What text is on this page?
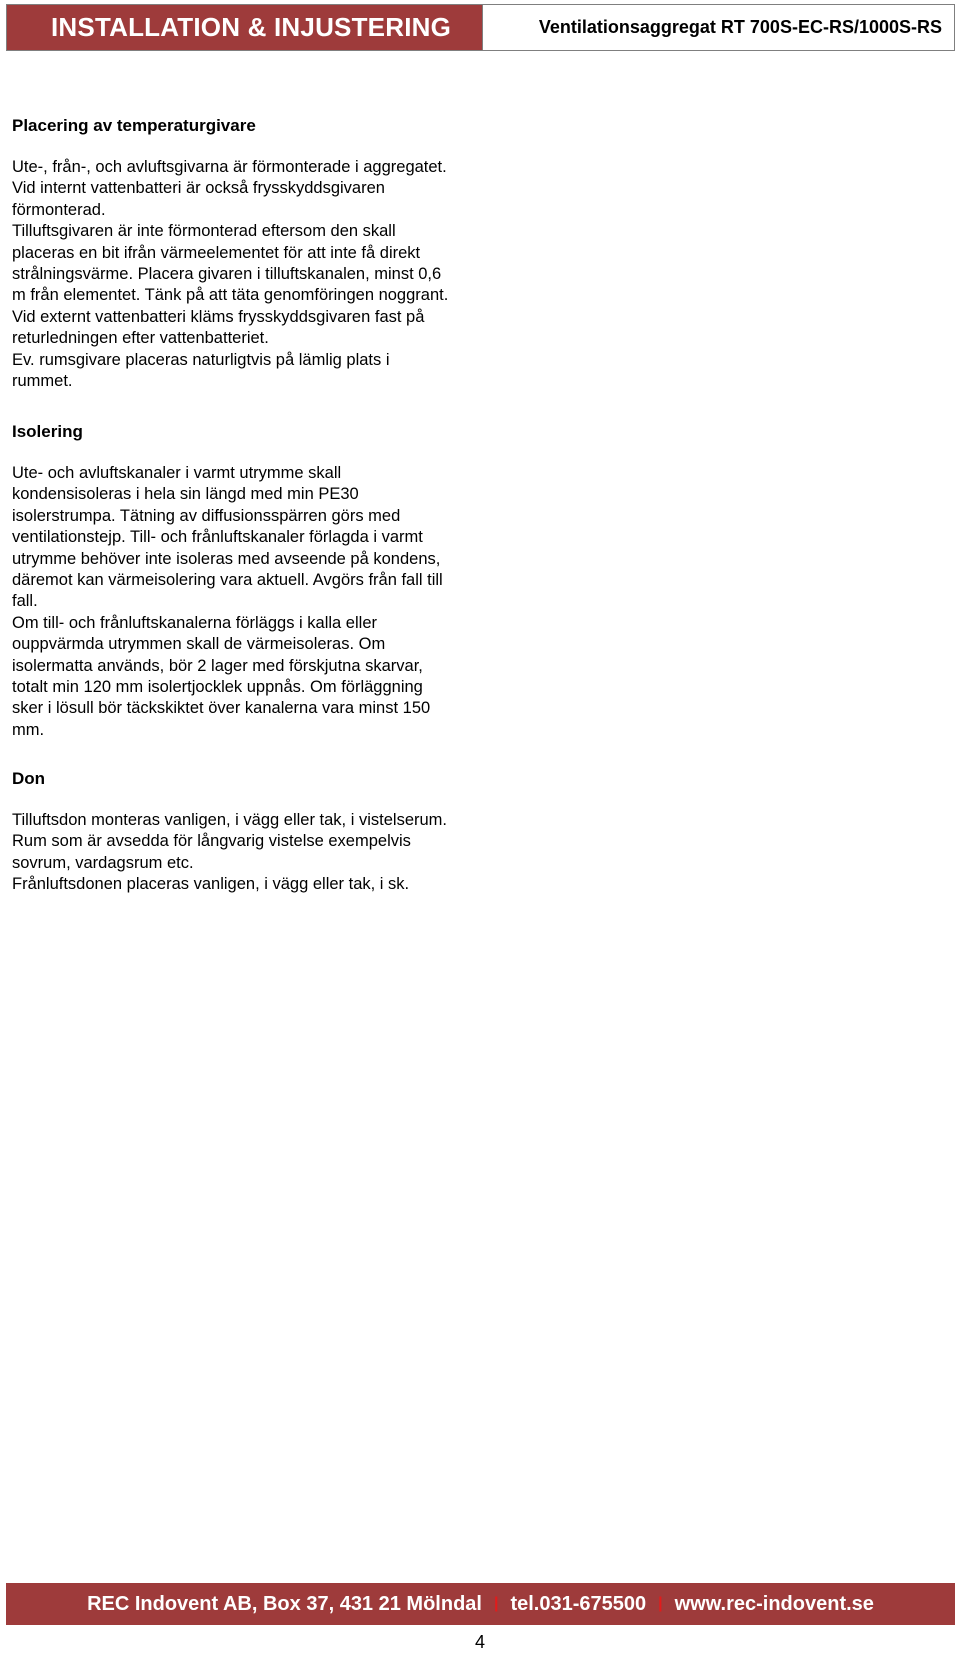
INSTALLATION & INJUSTERING	Ventilationsaggregat RT 700S-EC-RS/1000S-RS
Placering av temperaturgivare

Ute-, från-, och avluftsgivarna är förmonterade i aggregatet. Vid internt vattenbatteri är också frysskyddsgivaren förmonterad.

Tilluftsgivaren är inte förmonterad eftersom den skall placeras en bit ifrån värmeelementet för att inte få direkt strålningsvärme. Placera givaren i tilluftskanalen, minst 0,6 m från elementet. Tänk på att täta genomföringen noggrant.

Vid externt vattenbatteri kläms frysskyddsgivaren fast på returledningen efter vattenbatteriet.

Ev. rumsgivare placeras naturligtvis på lämlig plats i rummet.

Isolering

Ute- och avluftskanaler i varmt utrymme skall kondensisoleras i hela sin längd med min PE30 isolerstrumpa. Tätning av diffusionsspärren görs med ventilationstejp. Till- och frånluftskanaler förlagda i varmt utrymme behöver inte isoleras med avseende på kondens, däremot kan värmeisolering vara aktuell. Avgörs från fall till fall.

Om till- och frånluftskanalerna förläggs i kalla eller ouppvärmda utrymmen skall de värmeisoleras. Om isolermatta används, bör 2 lager med förskjutna skarvar, totalt min 120 mm isolertjocklek uppnås. Om förläggning sker i lösull bör täckskiktet över kanalerna vara minst 150 mm.

Don

Tilluftsdon monteras vanligen, i vägg eller tak, i vistelserum. Rum som är avsedda för långvarig vistelse exempelvis sovrum, vardagsrum etc.

Frånluftsdonen placeras vanligen, i vägg eller tak, i sk.

REC Indovent AB, Box 37, 431 21 Mölndal | tel.031-675500 | www.rec-indovent.se
4
